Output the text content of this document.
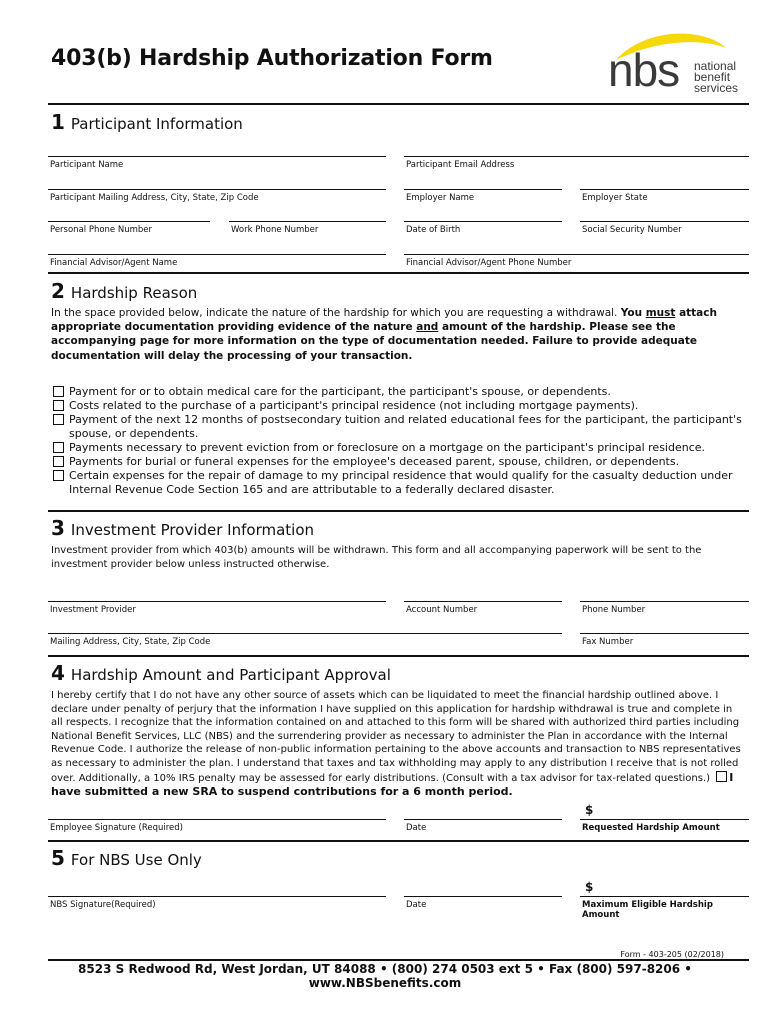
403(b) Hardship Authorization Form	nbs national
benefit
services
1 Participant Information
Participant Name	Participant Email Address
Participant Mailing Address, City, State, Zip Code	Employer Name	Employer State
Personal Phone Number	Work Phone Number	Date of Birth	Social Security Number
Financial Advisor/Agent Name	Financial Advisor/Agent Phone Number
2 Hardship Reason
In the space provided below, indicate the nature of the hardship for which you are requesting a withdrawal. You must attach appropriate documentation providing evidence of the nature and amount of the hardship. Please see the accompanying page for more information on the type of documentation needed. Failure to provide adequate documentation will delay the processing of your transaction.
Payment for or to obtain medical care for the participant, the participant's spouse, or dependents.
Costs related to the purchase of a participant's principal residence (not including mortgage payments).
Payment of the next 12 months of postsecondary tuition and related educational fees for the participant, the participant's spouse, or dependents.
Payments necessary to prevent eviction from or foreclosure on a mortgage on the participant's principal residence.
Payments for burial or funeral expenses for the employee's deceased parent, spouse, children, or dependents.
Certain expenses for the repair of damage to my principal residence that would qualify for the casualty deduction under Internal Revenue Code Section 165 and are attributable to a federally declared disaster.
3 Investment Provider Information
Investment provider from which 403(b) amounts will be withdrawn. This form and all accompanying paperwork will be sent to the investment provider below unless instructed otherwise.
Investment Provider	Account Number	Phone Number
Mailing Address, City, State, Zip Code	Fax Number
4 Hardship Amount and Participant Approval
I hereby certify that I do not have any other source of assets which can be liquidated to meet the financial hardship outlined above. I declare under penalty of perjury that the information I have supplied on this application for hardship withdrawal is true and complete in all respects. I recognize that the information contained on and attached to this form will be shared with authorized third parties including National Benefit Services, LLC (NBS) and the surrendering provider as necessary to administer the Plan in accordance with the Internal Revenue Code. I authorize the release of non-public information pertaining to the above accounts and transaction to NBS representatives as necessary to administer the plan. I understand that taxes and tax withholding may apply to any distribution I receive that is not rolled over. Additionally, a 10% IRS penalty may be assessed for early distributions. (Consult with a tax advisor for tax-related questions.) I have submitted a new SRA to suspend contributions for a 6 month period.
$
Employee Signature (Required)	Date	Requested Hardship Amount
5 For NBS Use Only
$
NBS Signature(Required)	Date	Maximum Eligible Hardship Amount
Form - 403-205 (02/2018)
8523 S Redwood Rd, West Jordan, UT 84088 • (800) 274 0503 ext 5 • Fax (800) 597-8206 • www.NBSbenefits.com
